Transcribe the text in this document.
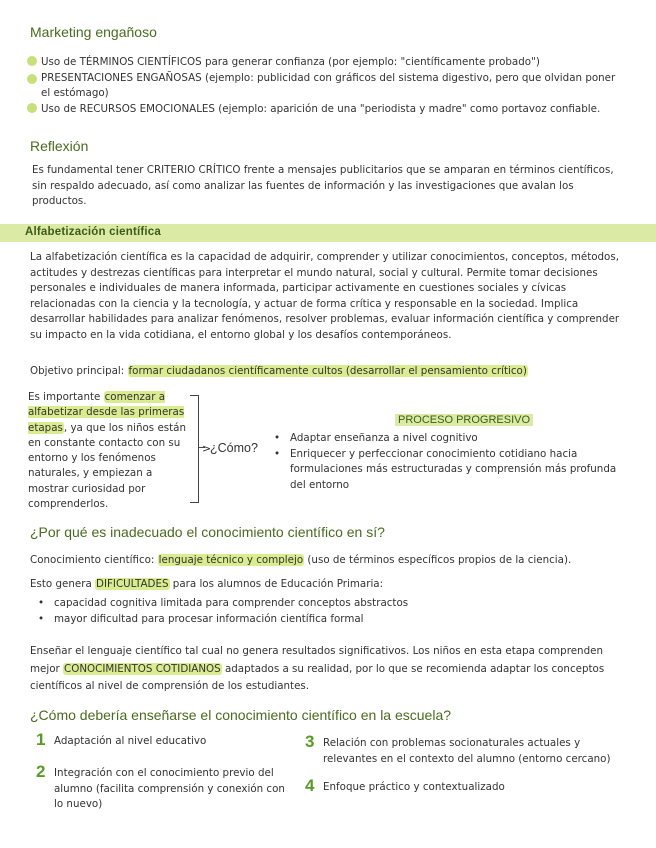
Marketing engañoso
Uso de TÉRMINOS CIENTÍFICOS para generar confianza (por ejemplo: "científicamente probado")
PRESENTACIONES ENGAÑOSAS (ejemplo: publicidad con gráficos del sistema digestivo, pero que olvidan poner el estómago)
Uso de RECURSOS EMOCIONALES (ejemplo: aparición de una "periodista y madre" como portavoz confiable.
Reflexión
Es fundamental tener CRITERIO CRÍTICO frente a mensajes publicitarios que se amparan en términos científicos, sin respaldo adecuado, así como analizar las fuentes de información y las investigaciones que avalan los productos.
Alfabetización científica
La alfabetización científica es la capacidad de adquirir, comprender y utilizar conocimientos, conceptos, métodos, actitudes y destrezas científicas para interpretar el mundo natural, social y cultural. Permite tomar decisiones personales e individuales de manera informada, participar activamente en cuestiones sociales y cívicas relacionadas con la ciencia y la tecnología, y actuar de forma crítica y responsable en la sociedad. Implica desarrollar habilidades para analizar fenómenos, resolver problemas, evaluar información científica y comprender su impacto en la vida cotidiana, el entorno global y los desafíos contemporáneos.
Objetivo principal: formar ciudadanos científicamente cultos (desarrollar el pensamiento crítico)
Es importante comenzar a alfabetizar desde las primeras etapas, ya que los niños están en constante contacto con su entorno y los fenómenos naturales, y empiezan a mostrar curiosidad por comprenderlos.
>
¿Cómo?
PROCESO PROGRESIVO
• Adaptar enseñanza a nivel cognitivo
• Enriquecer y perfeccionar conocimiento cotidiano hacia formulaciones más estructuradas y comprensión más profunda del entorno
¿Por qué es inadecuado el conocimiento científico en sí?
Conocimiento científico: lenguaje técnico y complejo (uso de términos específicos propios de la ciencia).
Esto genera DIFICULTADES para los alumnos de Educación Primaria:
• capacidad cognitiva limitada para comprender conceptos abstractos
• mayor dificultad para procesar información científica formal
Enseñar el lenguaje científico tal cual no genera resultados significativos. Los niños en esta etapa comprenden mejor CONOCIMIENTOS COTIDIANOS adaptados a su realidad, por lo que se recomienda adaptar los conceptos científicos al nivel de comprensión de los estudiantes.
¿Cómo debería enseñarse el conocimiento científico en la escuela?
1 Adaptación al nivel educativo
2 Integración con el conocimiento previo del alumno (facilita comprensión y conexión con lo nuevo)
3 Relación con problemas socionaturales actuales y relevantes en el contexto del alumno (entorno cercano)
4 Enfoque práctico y contextualizado
